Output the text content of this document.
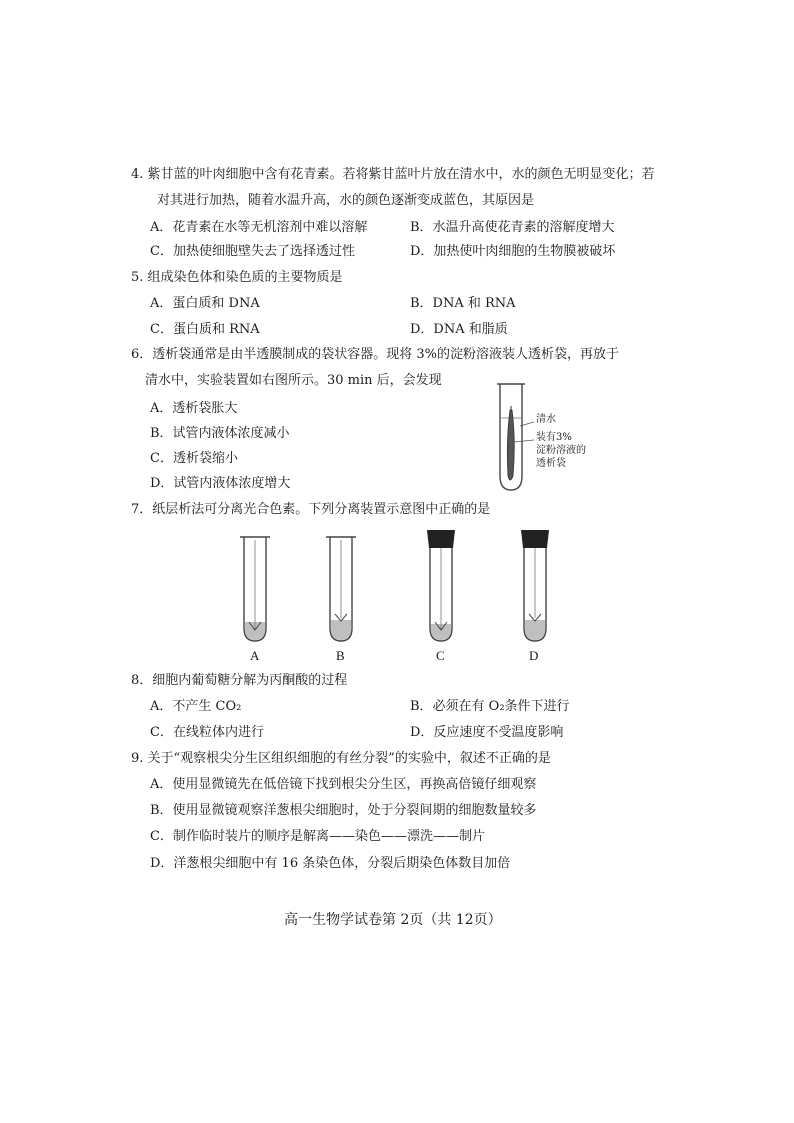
4. 紫甘蓝的叶肉细胞中含有花青素。若将紫甘蓝叶片放在清水中，水的颜色无明显变化；若
对其进行加热，随着水温升高，水的颜色逐渐变成蓝色，其原因是
A．花青素在水等无机溶剂中难以溶解	B．水温升高使花青素的溶解度增大
C．加热使细胞壁失去了选择透过性	D．加热使叶肉细胞的生物膜被破坏
5. 组成染色体和染色质的主要物质是
A．蛋白质和 DNA	B．DNA 和 RNA
C．蛋白质和 RNA	D．DNA 和脂质
6．透析袋通常是由半透膜制成的袋状容器。现将 3%的淀粉溶液装人透析袋，再放于
清水中，实验装置如右图所示。30 min 后，会发现
A．透析袋胀大
B．试管内液体浓度减小
C．透析袋缩小
D．试管内液体浓度增大
清水
装有3%
淀粉溶液的
透析袋
7．纸层析法可分离光合色素。下列分离装置示意图中正确的是
A	B	C	D
8．细胞内葡萄糖分解为丙酮酸的过程
A．不产生 CO₂	B．必须在有 O₂条件下进行
C．在线粒体内进行	D．反应速度不受温度影响
9. 关于“观察根尖分生区组织细胞的有丝分裂”的实验中，叙述不正确的是
A．使用显微镜先在低倍镜下找到根尖分生区，再换高倍镜仔细观察
B．使用显微镜观察洋葱根尖细胞时，处于分裂间期的细胞数量较多
C．制作临时装片的顺序是解离——染色——漂洗——制片
D．洋葱根尖细胞中有 16 条染色体，分裂后期染色体数目加倍
高一生物学试卷第 2页（共 12页）
